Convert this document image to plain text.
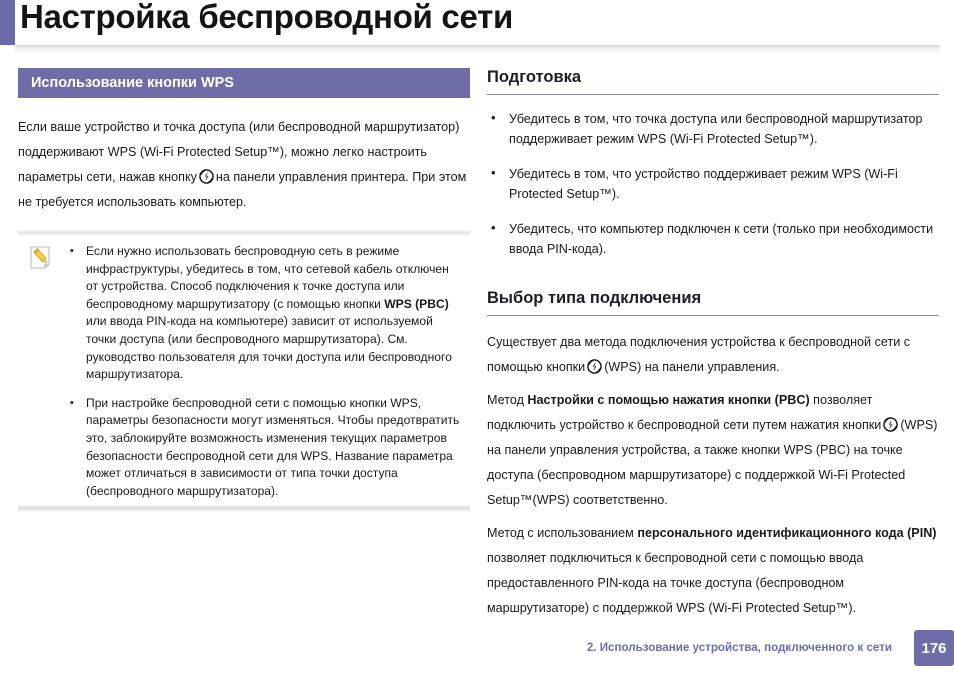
Настройка беспроводной сети
Использование кнопки WPS

Если ваше устройство и точка доступа (или беспроводной маршрутизатор) поддерживают WPS (Wi-Fi Protected Setup™), можно легко настроить параметры сети, нажав кнопку на панели управления принтера. При этом не требуется использовать компьютер.

• Если нужно использовать беспроводную сеть в режиме инфраструктуры, убедитесь в том, что сетевой кабель отключен от устройства. Способ подключения к точке доступа или беспроводному маршрутизатору (с помощью кнопки WPS (PBC) или ввода PIN-кода на компьютере) зависит от используемой точки доступа (или беспроводного маршрутизатора). См. руководство пользователя для точки доступа или беспроводного маршрутизатора.
• При настройке беспроводной сети с помощью кнопки WPS, параметры безопасности могут изменяться. Чтобы предотвратить это, заблокируйте возможность изменения текущих параметров безопасности беспроводной сети для WPS. Название параметра может отличаться в зависимости от типа точки доступа (беспроводного маршрутизатора).
Подготовка
• Убедитесь в том, что точка доступа или беспроводной маршрутизатор поддерживает режим WPS (Wi-Fi Protected Setup™).
• Убедитесь в том, что устройство поддерживает режим WPS (Wi-Fi Protected Setup™).
• Убедитесь, что компьютер подключен к сети (только при необходимости ввода PIN-кода).
Выбор типа подключения

Существует два метода подключения устройства к беспроводной сети с помощью кнопки (WPS) на панели управления.

Метод Настройки с помощью нажатия кнопки (PBC) позволяет подключить устройство к беспроводной сети путем нажатия кнопки (WPS) на панели управления устройства, а также кнопки WPS (PBC) на точке доступа (беспроводном маршрутизаторе) с поддержкой Wi-Fi Protected Setup™(WPS) соответственно.

Метод с использованием персонального идентификационного кода (PIN) позволяет подключиться к беспроводной сети с помощью ввода предоставленного PIN-кода на точке доступа (беспроводном маршрутизаторе) с поддержкой WPS (Wi-Fi Protected Setup™).

2. Использование устройства, подключенного к сети	176
